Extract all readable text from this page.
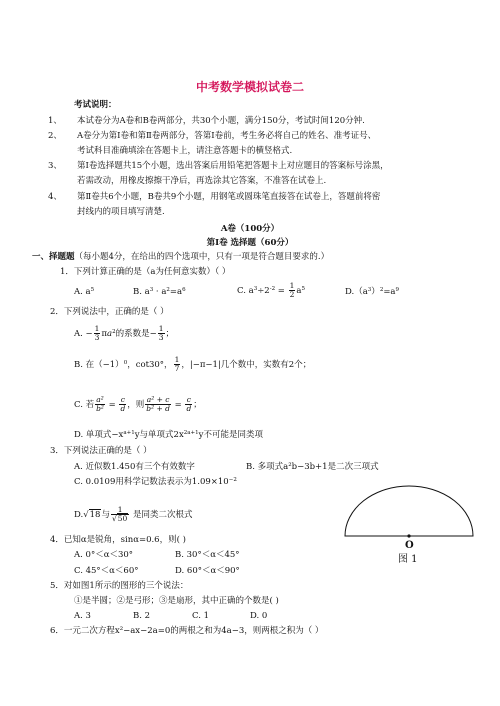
中考数学模拟试卷二
考试说明：
1、 本试卷分为A卷和B卷两部分，共30个小题，满分150分，考试时间120分钟.
2、 A卷分为第Ⅰ卷和第Ⅱ卷两部分，答第Ⅰ卷前，考生务必将自己的姓名、准考证号、
考试科目准确填涂在答题卡上，请注意答题卡的横竖格式.
3、 第Ⅰ卷选择题共15个小题，选出答案后用铅笔把答题卡上对应题目的答案标号涂黑，
若需改动，用橡皮擦擦干净后，再选涂其它答案，不准答在试卷上.
4、 第Ⅱ卷共6个小题，B卷共9个小题，用钢笔或圆珠笔直接答在试卷上，答题前将密
封线内的项目填写清楚.
A卷（100分）
第Ⅰ卷 选择题（60分）
一、择题题（每小题4分，在给出的四个选项中，只有一项是符合题目要求的.）
1．下列计算正确的是（a为任何意实数）（ ）
A. $a^5$	B. $a^3 \cdot a^2=a^6$	C. $a^3\div 2^{-2} = \frac{1}{2} a^5$	$D.(a^3)^2=a^9$
2．下列说法中，正确的是（ ）
A. − $\frac{1}{3} \pi a^2$的系数是− $\frac{1}{3}$ ；
B. 在$(-1)^0$，cot30°， $\frac{1}{7}$ ，|−π−1|几个数中，实数有2个；
C. 若 $\frac{\text{a²}}{\text{b²}} = \frac{c}{d}$ ，则 $\frac{\text{a² + c}}{\text{b² + d}} = \frac{c}{d}$ ；
D. 单项式$-x^{a+1}y$与单项式$2x^{2a+1}y$不可能是同类项
3．下列说法正确的是（ ）
A. 近似数1.450有三个有效数字	B. 多项式a²b−3b+1是二次三项式
C. 0.0109用科学记数法表示为$1.09\times 10^{-2}$
D.√18与 $\frac{1}{√50}$ 是同类二次根式
4．已知α是锐角，sinα=0.6，则( )
A. 0°＜α＜30°	B. 30°＜α＜45°
C. 45°＜α＜60°	D. 60°＜α＜90°
5．对如图1所示的图形的三个说法：
①是半圆；②是弓形；③是扇形，其中正确的个数是( )
A. 3	B. 2	C. 1	D. 0
6．一元二次方程x²−ax−2a=0的两根之和为4a−3，则两根之积为（ ）
O
图 1
